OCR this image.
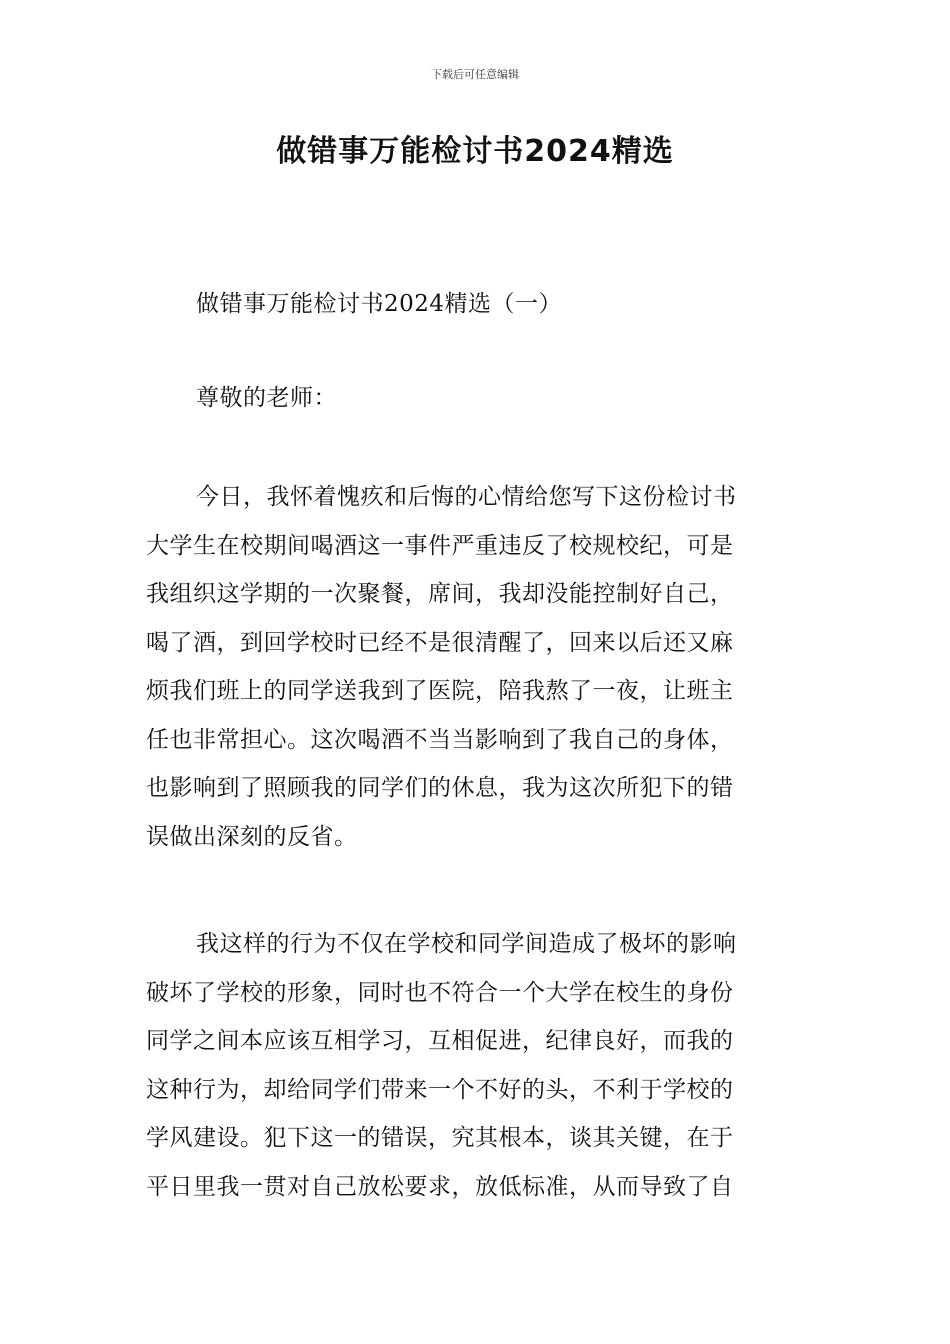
下载后可任意编辑
做错事万能检讨书2024精选
做错事万能检讨书2024精选（一）
尊敬的老师：
今日，我怀着愧疚和后悔的心情给您写下这份检讨书
大学生在校期间喝酒这一事件严重违反了校规校纪，可是
我组织这学期的一次聚餐，席间，我却没能控制好自己，
喝了酒，到回学校时已经不是很清醒了，回来以后还又麻
烦我们班上的同学送我到了医院，陪我熬了一夜，让班主
任也非常担心。这次喝酒不当当影响到了我自己的身体，
也影响到了照顾我的同学们的休息，我为这次所犯下的错
误做出深刻的反省。
我这样的行为不仅在学校和同学间造成了极坏的影响
破坏了学校的形象，同时也不符合一个大学在校生的身份
同学之间本应该互相学习，互相促进，纪律良好，而我的
这种行为，却给同学们带来一个不好的头，不利于学校的
学风建设。犯下这一的错误，究其根本，谈其关键，在于
平日里我一贯对自己放松要求，放低标准，从而导致了自
